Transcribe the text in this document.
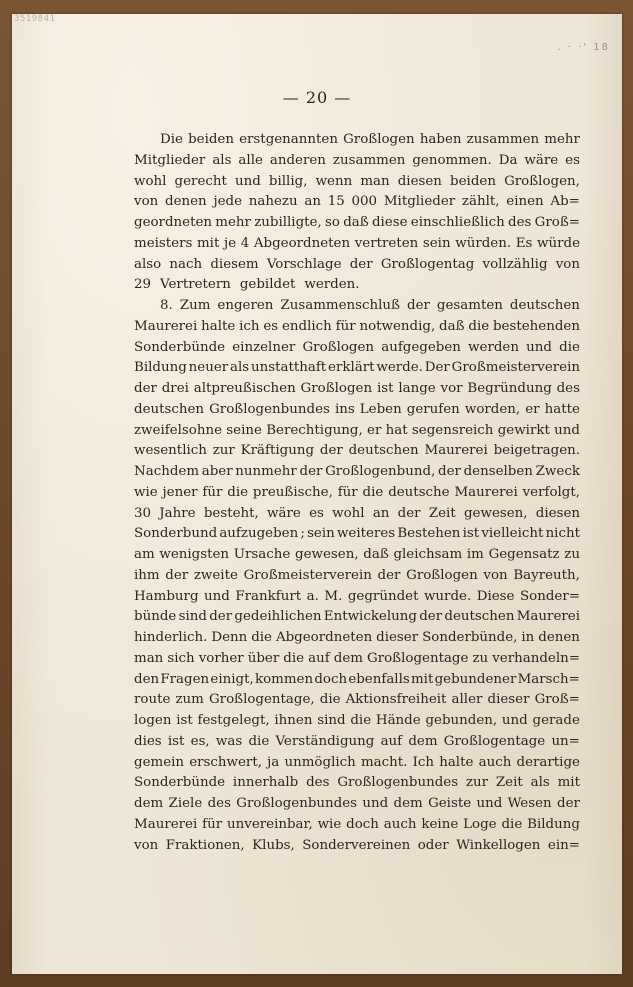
3519841
. · ·' 18
— 20 —
Die beiden erstgenannten Großlogen haben zusammen mehr
Mitglieder als alle anderen zusammen genommen. Da wäre es
wohl gerecht und billig, wenn man diesen beiden Großlogen,
von denen jede nahezu an 15 000 Mitglieder zählt, einen Ab=
geordneten mehr zubilligte, so daß diese einschließlich des Groß=
meisters mit je 4 Abgeordneten vertreten sein würden. Es würde
also nach diesem Vorschlage der Großlogentag vollzählig von
29 Vertretern gebildet werden.
8. Zum engeren Zusammenschluß der gesamten deutschen
Maurerei halte ich es endlich für notwendig, daß die bestehenden
Sonderbünde einzelner Großlogen aufgegeben werden und die
Bildung neuer als unstatthaft erklärt werde. Der Großmeisterverein
der drei altpreußischen Großlogen ist lange vor Begründung des
deutschen Großlogenbundes ins Leben gerufen worden, er hatte
zweifelsohne seine Berechtigung, er hat segensreich gewirkt und
wesentlich zur Kräftigung der deutschen Maurerei beigetragen.
Nachdem aber nunmehr der Großlogenbund, der denselben Zweck
wie jener für die preußische, für die deutsche Maurerei verfolgt,
30 Jahre besteht, wäre es wohl an der Zeit gewesen, diesen
Sonderbund aufzugeben ; sein weiteres Bestehen ist vielleicht nicht
am wenigsten Ursache gewesen, daß gleichsam im Gegensatz zu
ihm der zweite Großmeisterverein der Großlogen von Bayreuth,
Hamburg und Frankfurt a. M. gegründet wurde. Diese Sonder=
bünde sind der gedeihlichen Entwickelung der deutschen Maurerei
hinderlich. Denn die Abgeordneten dieser Sonderbünde, in denen
man sich vorher über die auf dem Großlogentage zu verhandeln=
den Fragen einigt, kommen doch ebenfalls mit gebundener Marsch=
route zum Großlogentage, die Aktionsfreiheit aller dieser Groß=
logen ist festgelegt, ihnen sind die Hände gebunden, und gerade
dies ist es, was die Verständigung auf dem Großlogentage un=
gemein erschwert, ja unmöglich macht. Ich halte auch derartige
Sonderbünde innerhalb des Großlogenbundes zur Zeit als mit
dem Ziele des Großlogenbundes und dem Geiste und Wesen der
Maurerei für unvereinbar, wie doch auch keine Loge die Bildung
von Fraktionen, Klubs, Sondervereinen oder Winkellogen ein=
